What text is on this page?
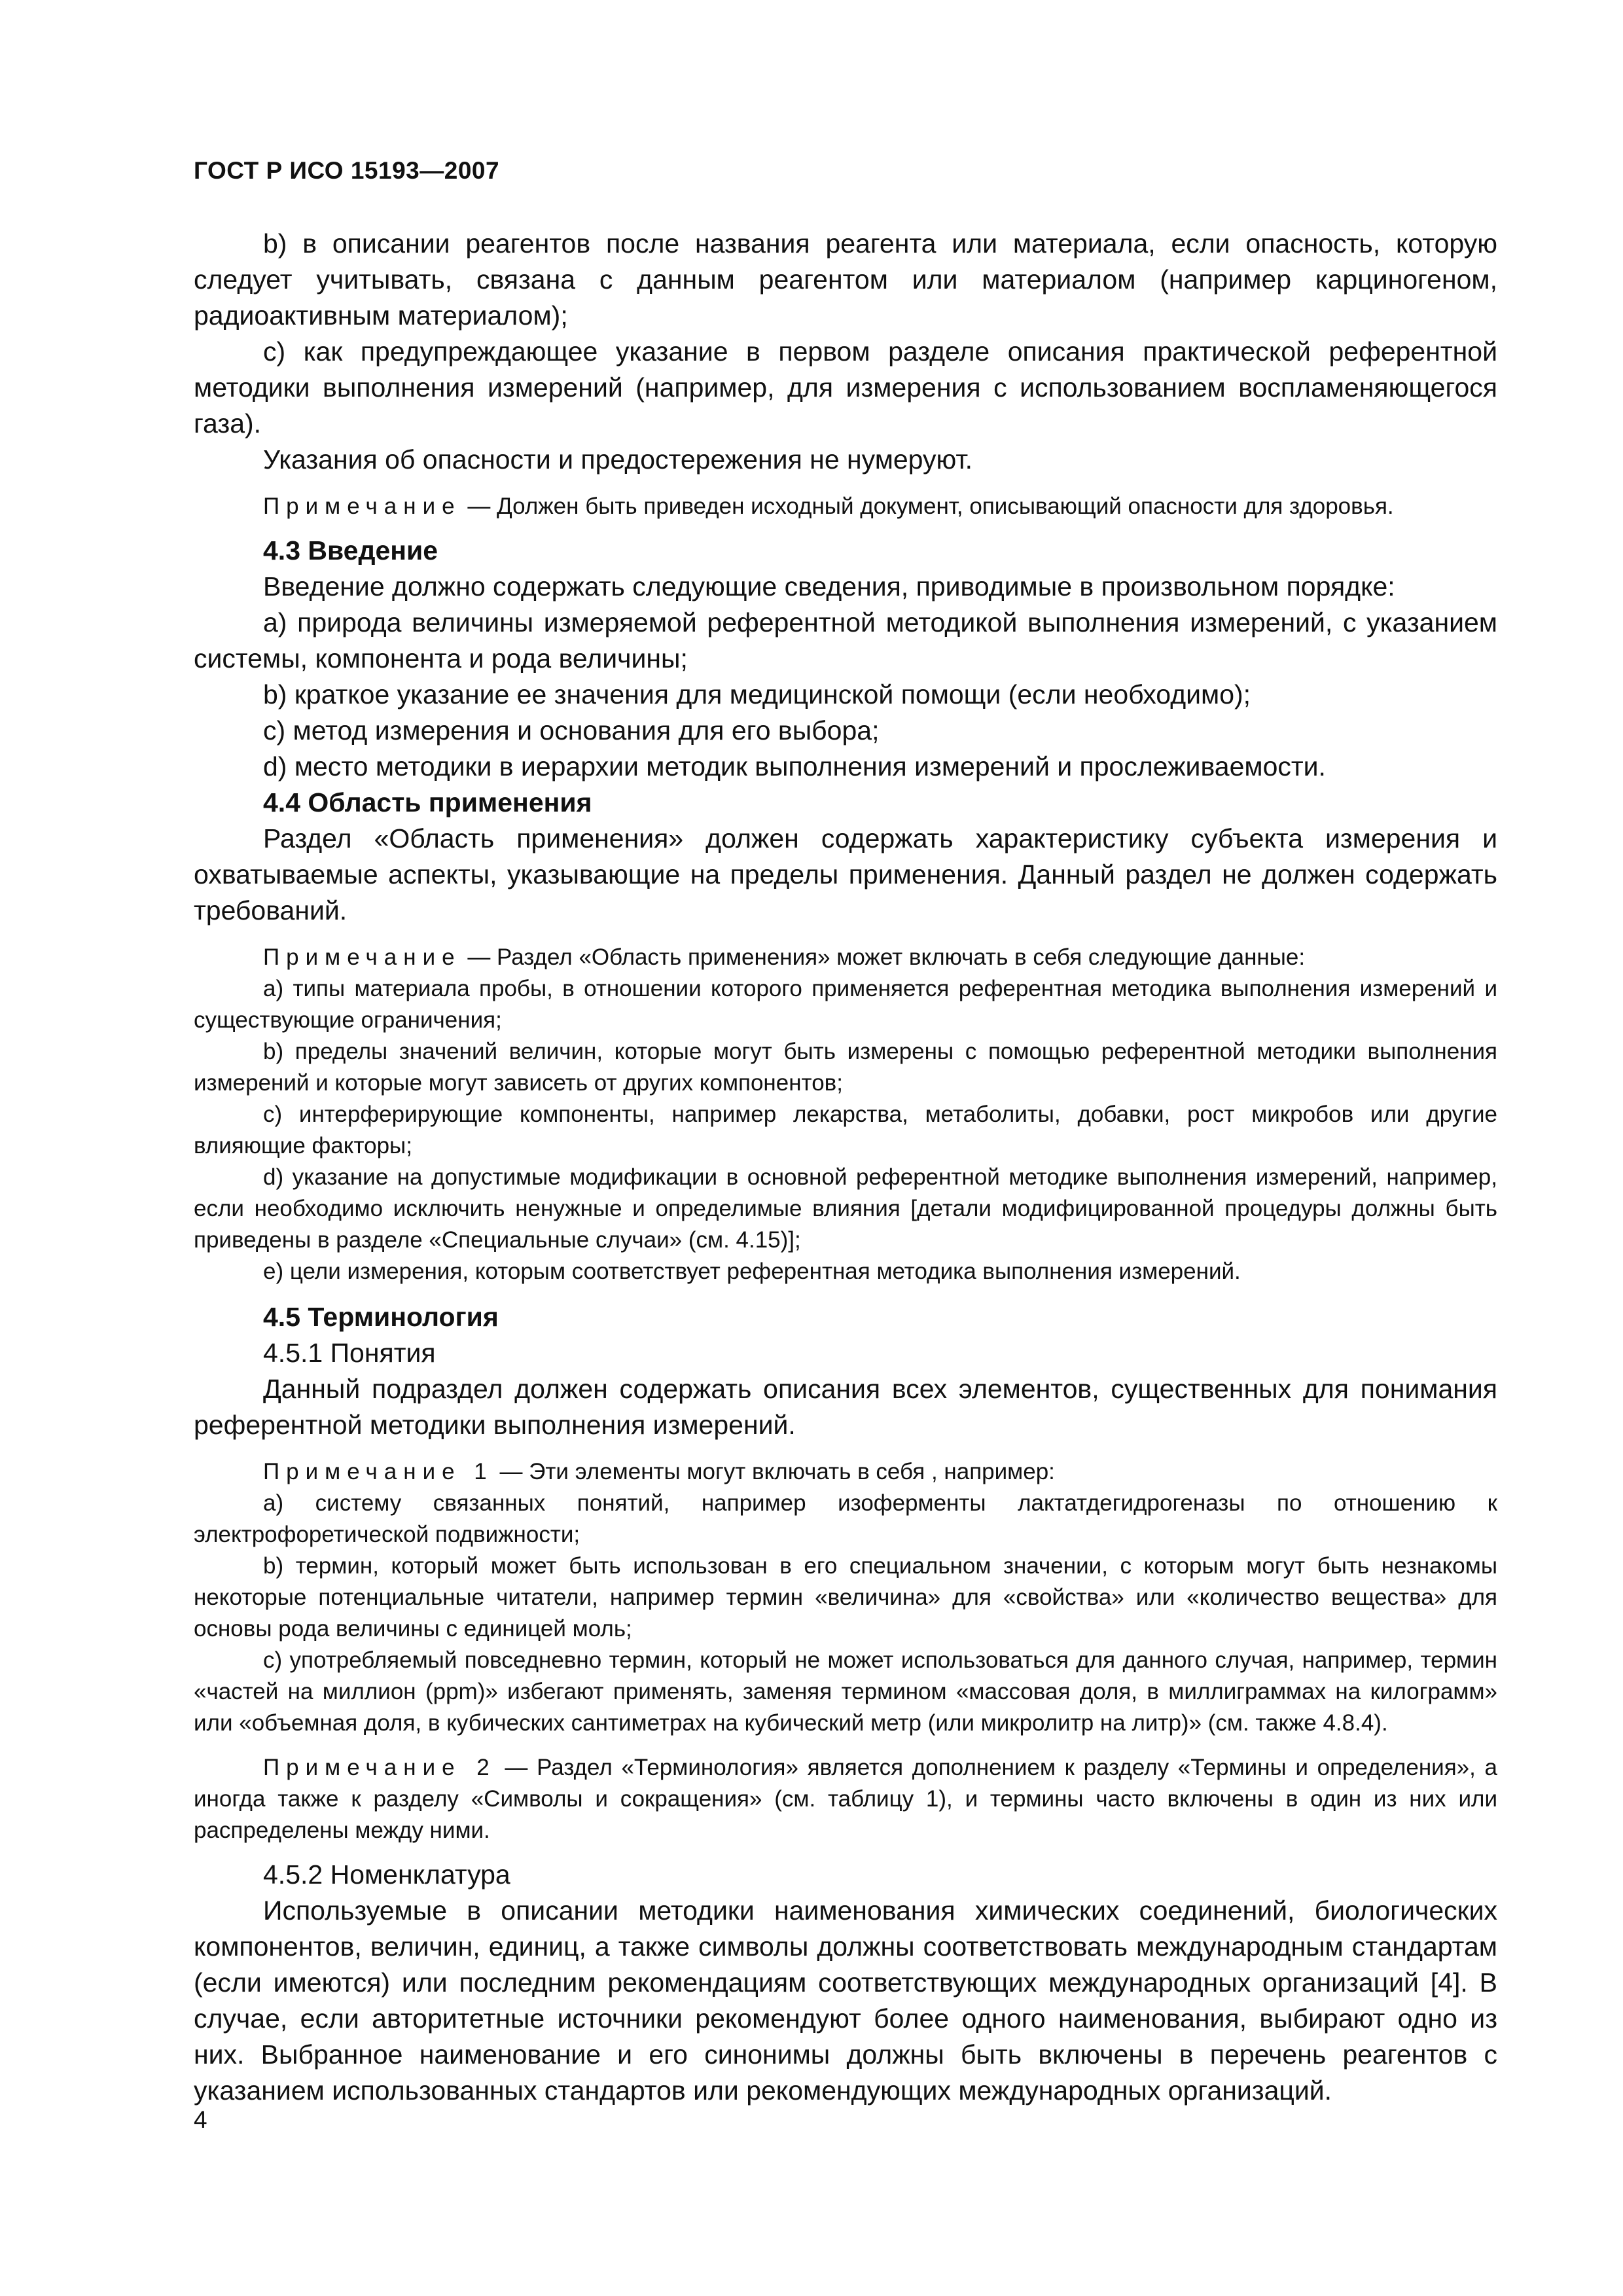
ГОСТ Р ИСО 15193—2007

b) в описании реагентов после названия реагента или материала, если опасность, которую следует учитывать, связана с данным реагентом или материалом (например карциногеном, радиоактивным материалом);

c) как предупреждающее указание в первом разделе описания практической референтной методики выполнения измерений (например, для измерения с использованием воспламеняющегося газа).

Указания об опасности и предостережения не нумеруют.

Примечание — Должен быть приведен исходный документ, описывающий опасности для здоровья.

4.3 Введение

Введение должно содержать следующие сведения, приводимые в произвольном порядке:

a) природа величины измеряемой референтной методикой выполнения измерений, с указанием системы, компонента и рода величины;

b) краткое указание ее значения для медицинской помощи (если необходимо);

c) метод измерения и основания для его выбора;

d) место методики в иерархии методик выполнения измерений и прослеживаемости.

4.4 Область применения

Раздел «Область применения» должен содержать характеристику субъекта измерения и охватываемые аспекты, указывающие на пределы применения. Данный раздел не должен содержать требований.

Примечание — Раздел «Область применения» может включать в себя следующие данные:

a) типы материала пробы, в отношении которого применяется референтная методика выполнения измерений и существующие ограничения;

b) пределы значений величин, которые могут быть измерены с помощью референтной методики выполнения измерений и которые могут зависеть от других компонентов;

c) интерферирующие компоненты, например лекарства, метаболиты, добавки, рост микробов или другие влияющие факторы;

d) указание на допустимые модификации в основной референтной методике выполнения измерений, например, если необходимо исключить ненужные и определимые влияния [детали модифицированной процедуры должны быть приведены в разделе «Специальные случаи» (см. 4.15)];

e) цели измерения, которым соответствует референтная методика выполнения измерений.

4.5 Терминология

4.5.1 Понятия

Данный подраздел должен содержать описания всех элементов, существенных для понимания референтной методики выполнения измерений.

Примечание 1 — Эти элементы могут включать в себя , например:

a) систему связанных понятий, например изоферменты лактатдегидрогеназы по отношению к электрофоретической подвижности;

b) термин, который может быть использован в его специальном значении, с которым могут быть незнакомы некоторые потенциальные читатели, например термин «величина» для «свойства» или «количество вещества» для основы рода величины с единицей моль;

c) употребляемый повседневно термин, который не может использоваться для данного случая, например, термин «частей на миллион (ppm)» избегают применять, заменяя термином «массовая доля, в миллиграммах на килограмм» или «объемная доля, в кубических сантиметрах на кубический метр (или микролитр на литр)» (см. также 4.8.4).

Примечание 2 — Раздел «Терминология» является дополнением к разделу «Термины и определения», а иногда также к разделу «Символы и сокращения» (см. таблицу 1), и термины часто включены в один из них или распределены между ними.

4.5.2 Номенклатура

Используемые в описании методики наименования химических соединений, биологических компонентов, величин, единиц, а также символы должны соответствовать международным стандартам (если имеются) или последним рекомендациям соответствующих международных организаций [4]. В случае, если авторитетные источники рекомендуют более одного наименования, выбирают одно из них. Выбранное наименование и его синонимы должны быть включены в перечень реагентов с указанием использованных стандартов или рекомендующих международных организаций.

4
